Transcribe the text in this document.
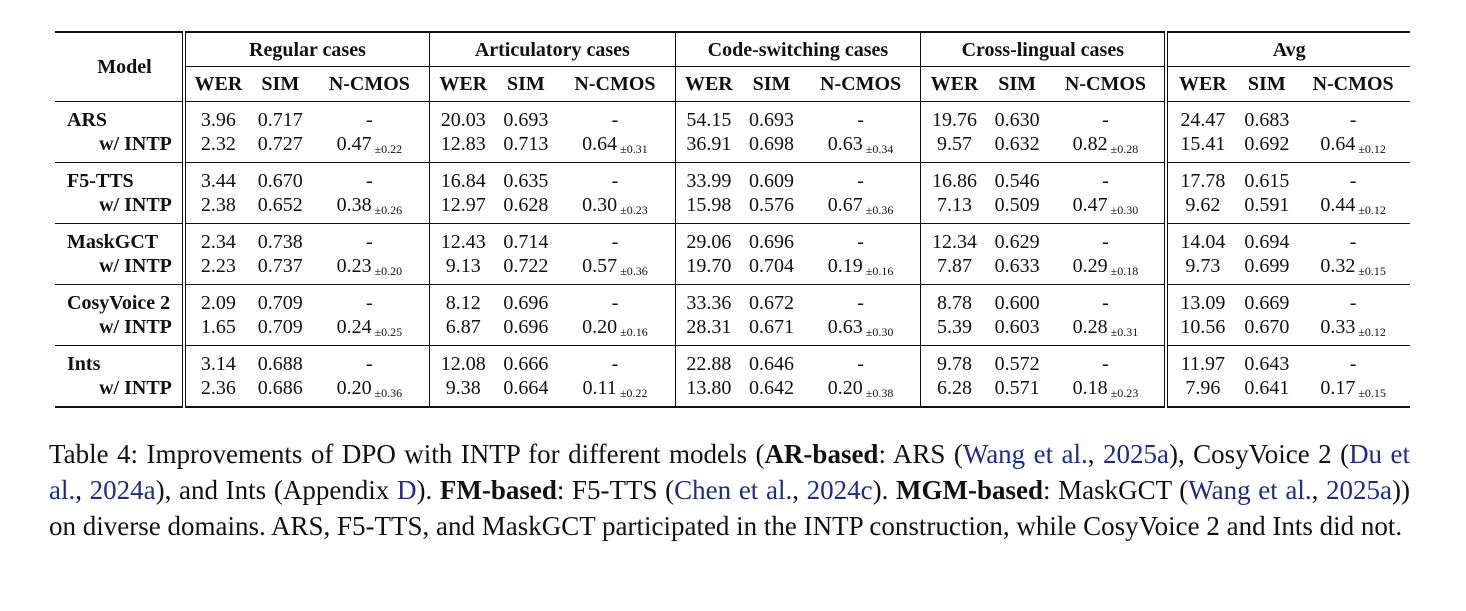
Model	Regular cases			Articulatory cases			Code-switching cases			Cross-lingual cases			Avg		
	WER	SIM	N-CMOS	WER	SIM	N-CMOS	WER	SIM	N-CMOS	WER	SIM	N-CMOS	WER	SIM	N-CMOS
ARS	3.96	0.717	-	20.03	0.693	-	54.15	0.693	-	19.76	0.630	-	24.47	0.683	-
w/ INTP	2.32	0.727	0.47 ±0.22	12.83	0.713	0.64 ±0.31	36.91	0.698	0.63 ±0.34	9.57	0.632	0.82 ±0.28	15.41	0.692	0.64 ±0.12
F5-TTS	3.44	0.670	-	16.84	0.635	-	33.99	0.609	-	16.86	0.546	-	17.78	0.615	-
w/ INTP	2.38	0.652	0.38 ±0.26	12.97	0.628	0.30 ±0.23	15.98	0.576	0.67 ±0.36	7.13	0.509	0.47 ±0.30	9.62	0.591	0.44 ±0.12
MaskGCT	2.34	0.738	-	12.43	0.714	-	29.06	0.696	-	12.34	0.629	-	14.04	0.694	-
w/ INTP	2.23	0.737	0.23 ±0.20	9.13	0.722	0.57 ±0.36	19.70	0.704	0.19 ±0.16	7.87	0.633	0.29 ±0.18	9.73	0.699	0.32 ±0.15
CosyVoice 2	2.09	0.709	-	8.12	0.696	-	33.36	0.672	-	8.78	0.600	-	13.09	0.669	-
w/ INTP	1.65	0.709	0.24 ±0.25	6.87	0.696	0.20 ±0.16	28.31	0.671	0.63 ±0.30	5.39	0.603	0.28 ±0.31	10.56	0.670	0.33 ±0.12
Ints	3.14	0.688	-	12.08	0.666	-	22.88	0.646	-	9.78	0.572	-	11.97	0.643	-
w/ INTP	2.36	0.686	0.20 ±0.36	9.38	0.664	0.11 ±0.22	13.80	0.642	0.20 ±0.38	6.28	0.571	0.18 ±0.23	7.96	0.641	0.17 ±0.15
Table 4: Improvements of DPO with INTP for different models (AR-based: ARS (Wang et al., 2025a), CosyVoice 2 (Du et al., 2024a), and Ints (Appendix D). FM-based: F5-TTS (Chen et al., 2024c). MGM-based: MaskGCT (Wang et al., 2025a)) on diverse domains. ARS, F5-TTS, and MaskGCT participated in the INTP construction, while CosyVoice 2 and Ints did not.
